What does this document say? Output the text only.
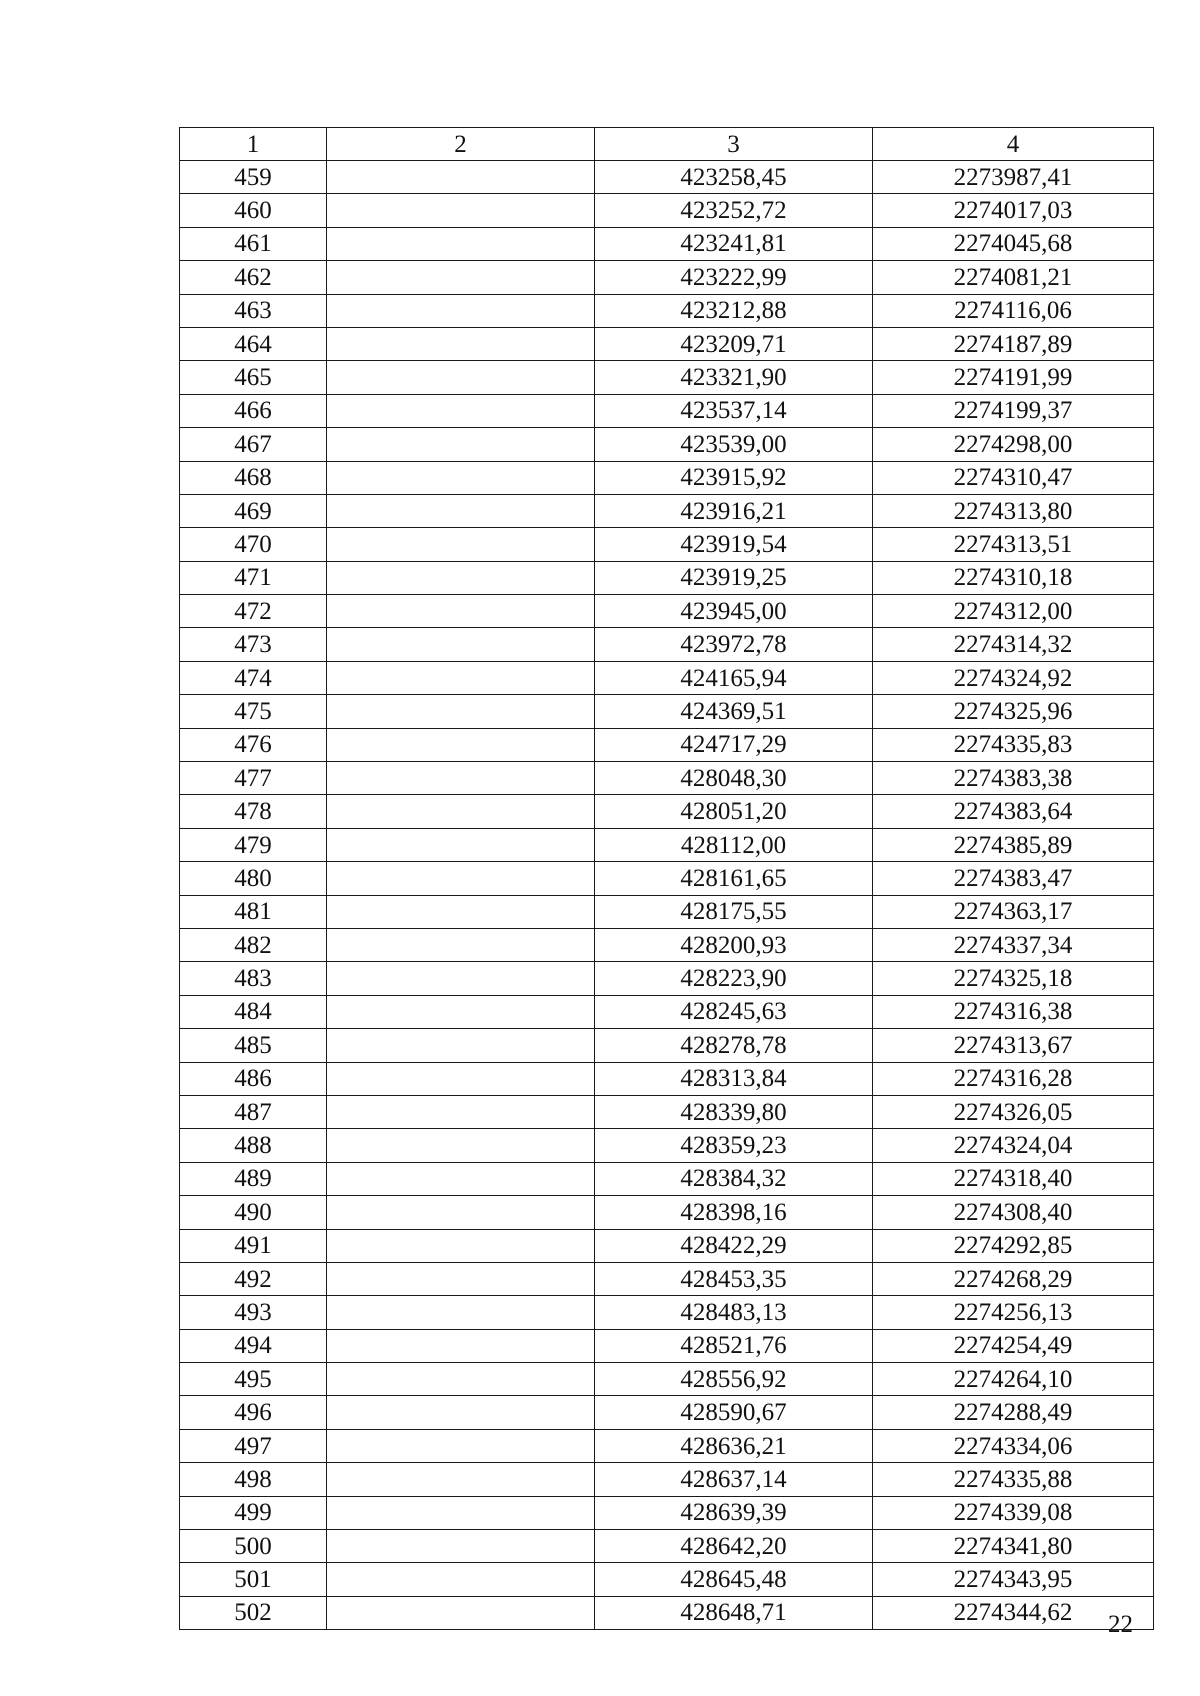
1	2	3	4
459		423258,45	2273987,41
460		423252,72	2274017,03
461		423241,81	2274045,68
462		423222,99	2274081,21
463		423212,88	2274116,06
464		423209,71	2274187,89
465		423321,90	2274191,99
466		423537,14	2274199,37
467		423539,00	2274298,00
468		423915,92	2274310,47
469		423916,21	2274313,80
470		423919,54	2274313,51
471		423919,25	2274310,18
472		423945,00	2274312,00
473		423972,78	2274314,32
474		424165,94	2274324,92
475		424369,51	2274325,96
476		424717,29	2274335,83
477		428048,30	2274383,38
478		428051,20	2274383,64
479		428112,00	2274385,89
480		428161,65	2274383,47
481		428175,55	2274363,17
482		428200,93	2274337,34
483		428223,90	2274325,18
484		428245,63	2274316,38
485		428278,78	2274313,67
486		428313,84	2274316,28
487		428339,80	2274326,05
488		428359,23	2274324,04
489		428384,32	2274318,40
490		428398,16	2274308,40
491		428422,29	2274292,85
492		428453,35	2274268,29
493		428483,13	2274256,13
494		428521,76	2274254,49
495		428556,92	2274264,10
496		428590,67	2274288,49
497		428636,21	2274334,06
498		428637,14	2274335,88
499		428639,39	2274339,08
500		428642,20	2274341,80
501		428645,48	2274343,95
502		428648,71	2274344,62 22
